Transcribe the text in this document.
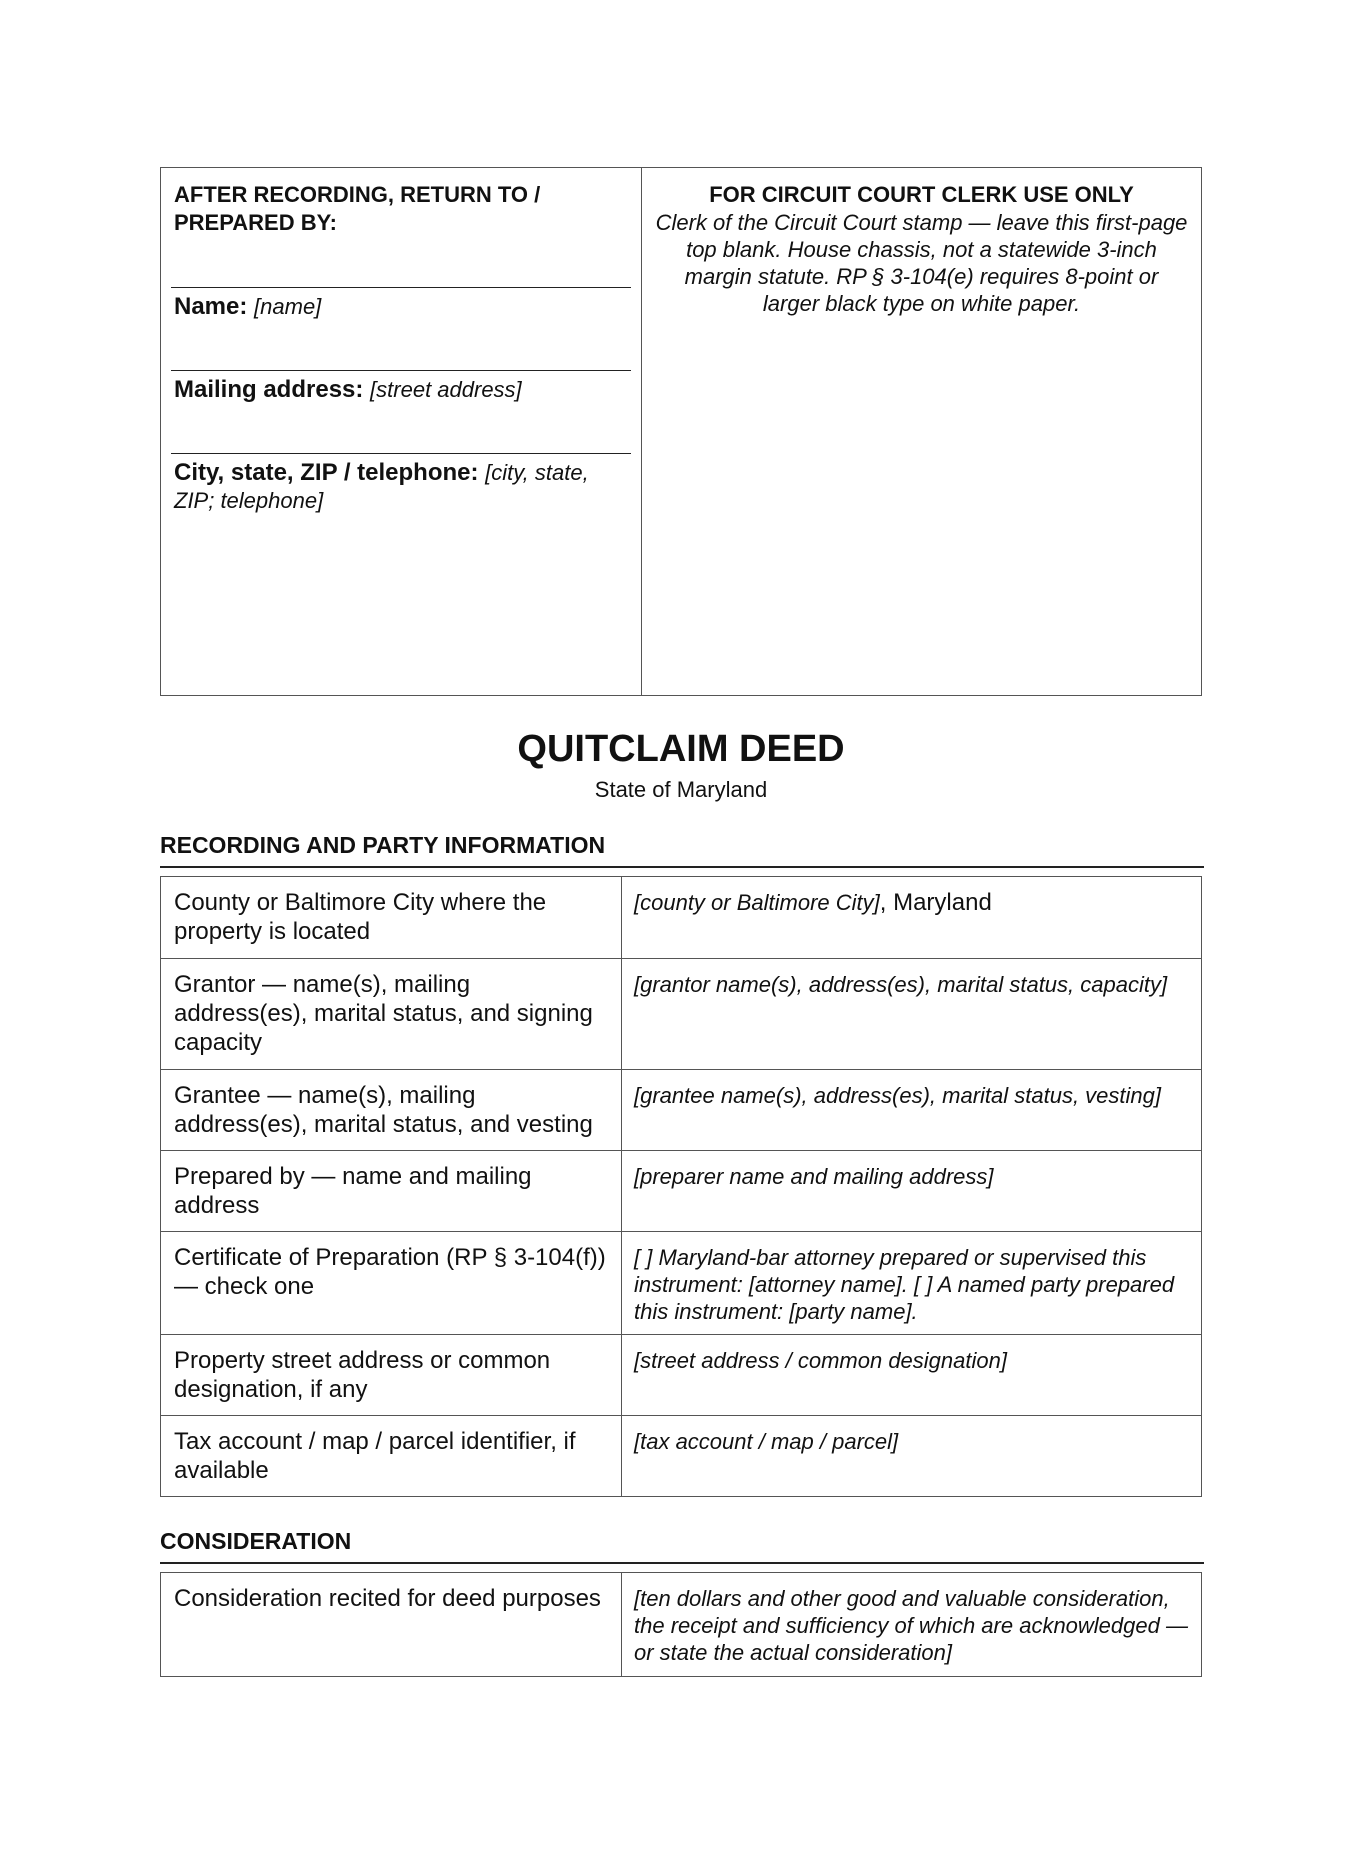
AFTER RECORDING, RETURN TO / PREPARED BY:
Name: [name]
Mailing address: [street address]
City, state, ZIP / telephone: [city, state, ZIP; telephone]
FOR CIRCUIT COURT CLERK USE ONLY
Clerk of the Circuit Court stamp — leave this first-page top blank. House chassis, not a statewide 3-inch margin statute. RP § 3-104(e) requires 8-point or larger black type on white paper.
QUITCLAIM DEED
State of Maryland
RECORDING AND PARTY INFORMATION
County or Baltimore City where the property is located	[county or Baltimore City], Maryland
Grantor — name(s), mailing address(es), marital status, and signing capacity	[grantor name(s), address(es), marital status, capacity]
Grantee — name(s), mailing address(es), marital status, and vesting	[grantee name(s), address(es), marital status, vesting]
Prepared by — name and mailing address	[preparer name and mailing address]
Certificate of Preparation (RP § 3-104(f)) — check one	[ ] Maryland-bar attorney prepared or supervised this instrument: [attorney name]. [ ] A named party prepared this instrument: [party name].
Property street address or common designation, if any	[street address / common designation]
Tax account / map / parcel identifier, if available	[tax account / map / parcel]
CONSIDERATION
Consideration recited for deed purposes	[ten dollars and other good and valuable consideration, the receipt and sufficiency of which are acknowledged — or state the actual consideration]
